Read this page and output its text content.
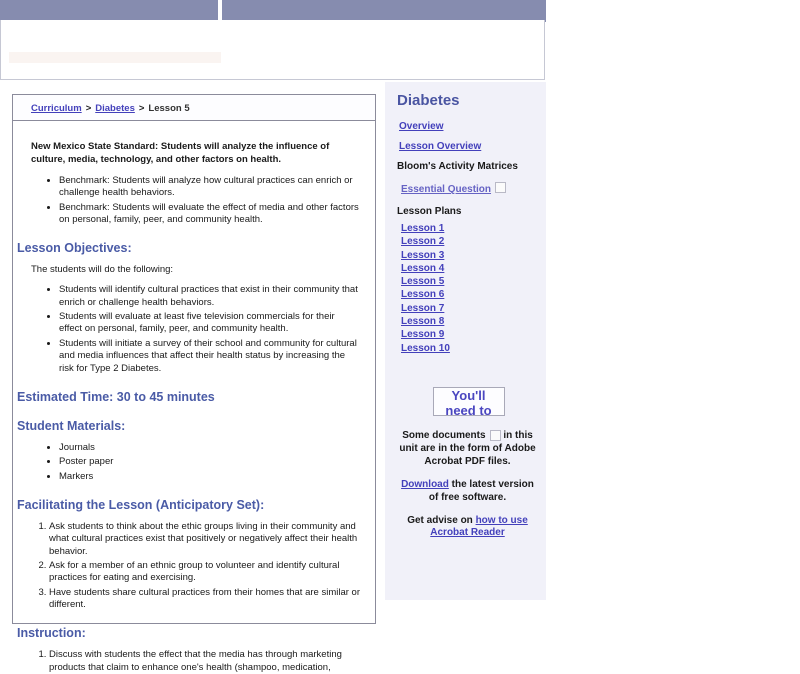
Curriculum > Diabetes > Lesson 5

New Mexico State Standard: Students will analyze the influence of culture, media, technology, and other factors on health.

• Benchmark: Students will analyze how cultural practices can enrich or challenge health behaviors.
• Benchmark: Students will evaluate the effect of media and other factors on personal, family, peer, and community health.
Lesson Objectives:

The students will do the following:

• Students will identify cultural practices that exist in their community that enrich or challenge health behaviors.
• Students will evaluate at least five television commercials for their effect on personal, family, peer, and community health.
• Students will initiate a survey of their school and community for cultural and media influences that affect their health status by increasing the risk for Type 2 Diabetes.
Estimated Time: 30 to 45 minutes
Student Materials:
• Journals
• Poster paper
• Markers
Facilitating the Lesson (Anticipatory Set):
1. Ask students to think about the ethic groups living in their community and what cultural practices exist that positively or negatively affect their health behavior.
2. Ask for a member of an ethnic group to volunteer and identify cultural practices for eating and exercising.
3. Have students share cultural practices from their homes that are similar or different.
Instruction:
1. Discuss with students the effect that the media has through marketing products that claim to enhance one's health (shampoo, medication,
Diabetes
Overview
Lesson Overview
Bloom's Activity Matrices
Essential Question
Lesson Plans
Lesson 1
Lesson 2
Lesson 3
Lesson 4
Lesson 5
Lesson 6
Lesson 7
Lesson 8
Lesson 9
Lesson 10
You'll
need to
Some documents in this unit are in the form of Adobe Acrobat PDF files.
Download the latest version of free software.
Get advise on how to use Acrobat Reader
